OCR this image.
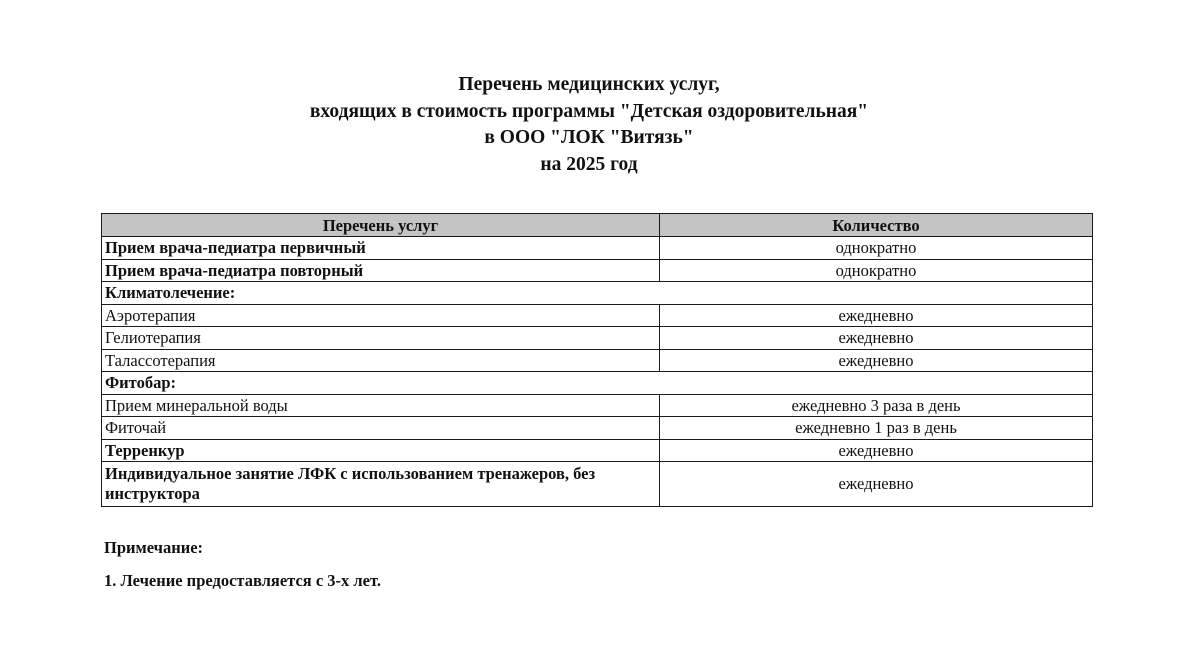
Перечень медицинских услуг,
входящих в стоимость программы "Детская оздоровительная"
в ООО "ЛОК "Витязь"
на 2025 год
Перечень услуг	Количество
Прием врача-педиатра первичный	однократно
Прием врача-педиатра повторный	однократно
Климатолечение:	
Аэротерапия	ежедневно
Гелиотерапия	ежедневно
Талассотерапия	ежедневно
Фитобар:	
Прием минеральной воды	ежедневно 3 раза в день
Фиточай	ежедневно 1 раз в день
Терренкур	ежедневно
Индивидуальное занятие ЛФК с использованием тренажеров, без инструктора	ежедневно
Примечание:
1. Лечение предоставляется с 3-х лет.
